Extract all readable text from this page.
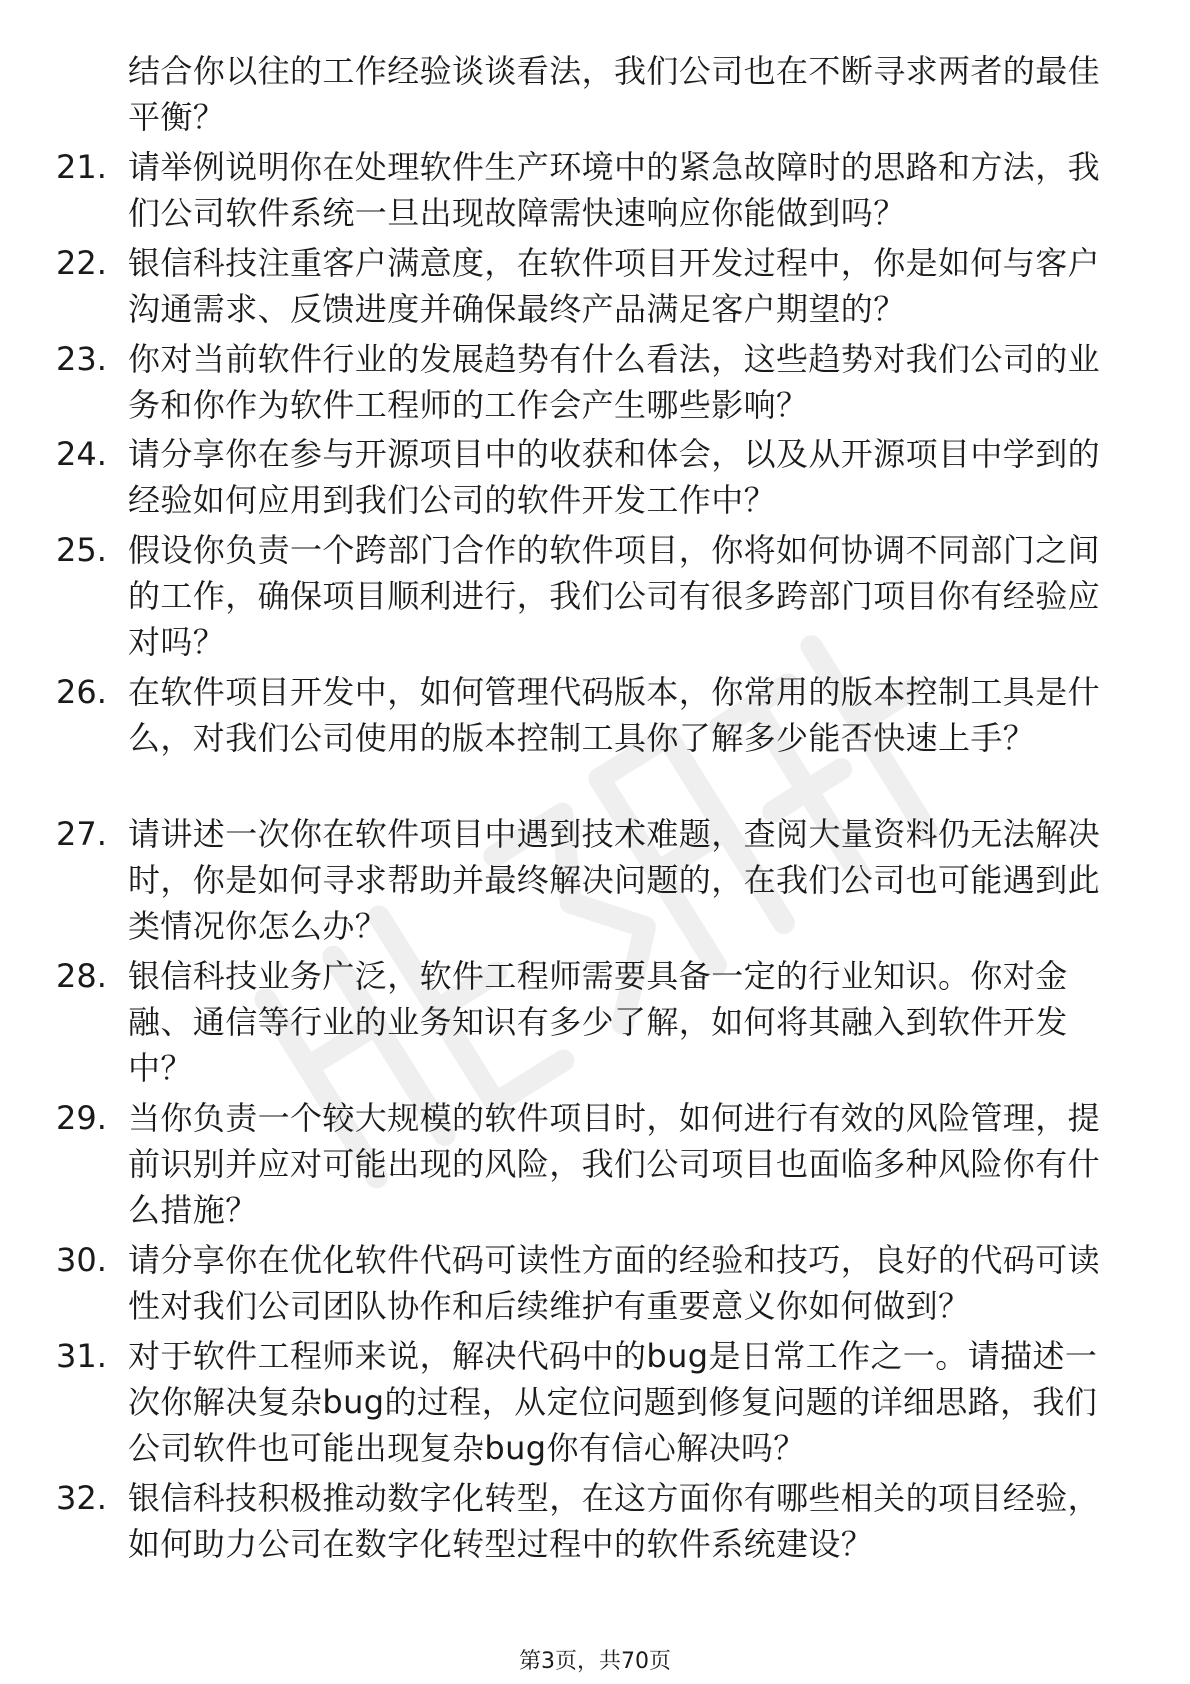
结合你以往的工作经验谈谈看法，我们公司也在不断寻求两者的最佳平衡？
21. 请举例说明你在处理软件生产环境中的紧急故障时的思路和方法，我们公司软件系统一旦出现故障需快速响应你能做到吗？
22. 银信科技注重客户满意度，在软件项目开发过程中，你是如何与客户沟通需求、反馈进度并确保最终产品满足客户期望的？
23. 你对当前软件行业的发展趋势有什么看法，这些趋势对我们公司的业务和你作为软件工程师的工作会产生哪些影响？
24. 请分享你在参与开源项目中的收获和体会，以及从开源项目中学到的经验如何应用到我们公司的软件开发工作中？
25. 假设你负责一个跨部门合作的软件项目，你将如何协调不同部门之间的工作，确保项目顺利进行，我们公司有很多跨部门项目你有经验应对吗？
26. 在软件项目开发中，如何管理代码版本，你常用的版本控制工具是什么，对我们公司使用的版本控制工具你了解多少能否快速上手？
27. 请讲述一次你在软件项目中遇到技术难题，查阅大量资料仍无法解决时，你是如何寻求帮助并最终解决问题的，在我们公司也可能遇到此类情况你怎么办？
28. 银信科技业务广泛，软件工程师需要具备一定的行业知识。你对金融、通信等行业的业务知识有多少了解，如何将其融入到软件开发中？
29. 当你负责一个较大规模的软件项目时，如何进行有效的风险管理，提前识别并应对可能出现的风险，我们公司项目也面临多种风险你有什么措施？
30. 请分享你在优化软件代码可读性方面的经验和技巧，良好的代码可读性对我们公司团队协作和后续维护有重要意义你如何做到？
31. 对于软件工程师来说，解决代码中的bug是日常工作之一。请描述一次你解决复杂bug的过程，从定位问题到修复问题的详细思路，我们公司软件也可能出现复杂bug你有信心解决吗？
32. 银信科技积极推动数字化转型，在这方面你有哪些相关的项目经验，如何助力公司在数字化转型过程中的软件系统建设？
第3页，共70页
